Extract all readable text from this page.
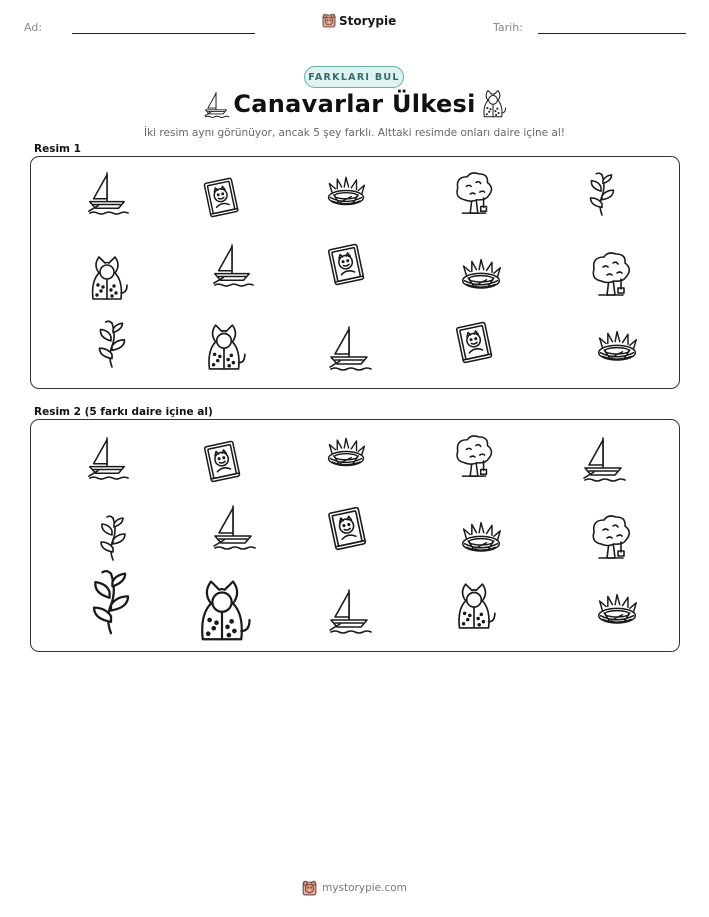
Ad:	Storypie	Tarih:
FARKLARI BUL
Canavarlar Ülkesi
İki resim aynı görünüyor, ancak 5 şey farklı. Alttaki resimde onları daire içine al!
Resim 1
Resim 2 (5 farkı daire içine al)
mystorypie.com
